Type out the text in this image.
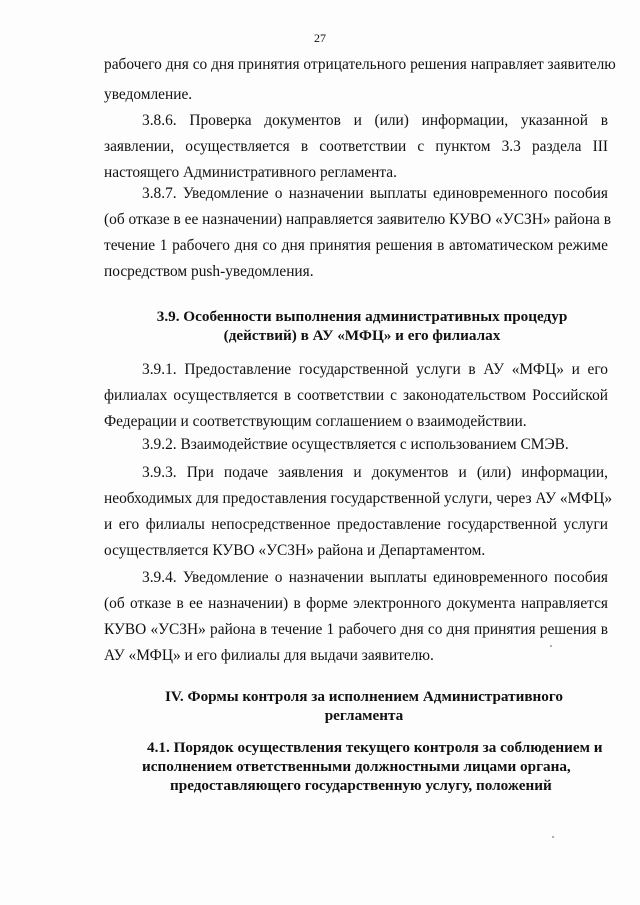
27
рабочего дня со дня принятия отрицательного решения направляет заявителю
уведомление.
3.8.6. Проверка документов и (или) информации, указанной в
заявлении, осуществляется в соответствии с пунктом 3.3 раздела III
настоящего Административного регламента.
3.8.7. Уведомление о назначении выплаты единовременного пособия
(об отказе в ее назначении) направляется заявителю КУВО «УСЗН» района в
течение 1 рабочего дня со дня принятия решения в автоматическом режиме
посредством push-уведомления.
3.9. Особенности выполнения административных процедур
(действий) в АУ «МФЦ» и его филиалах
3.9.1. Предоставление государственной услуги в АУ «МФЦ» и его
филиалах осуществляется в соответствии с законодательством Российской
Федерации и соответствующим соглашением о взаимодействии.
3.9.2. Взаимодействие осуществляется с использованием СМЭВ.
3.9.3. При подаче заявления и документов и (или) информации,
необходимых для предоставления государственной услуги, через АУ «МФЦ»
и его филиалы непосредственное предоставление государственной услуги
осуществляется КУВО «УСЗН» района и Департаментом.
3.9.4. Уведомление о назначении выплаты единовременного пособия
(об отказе в ее назначении) в форме электронного документа направляется
КУВО «УСЗН» района в течение 1 рабочего дня со дня принятия решения в
АУ «МФЦ» и его филиалы для выдачи заявителю.
IV. Формы контроля за исполнением Административного
регламента
4.1. Порядок осуществления текущего контроля за соблюдением и
исполнением ответственными должностными лицами органа,
предоставляющего государственную услугу, положений
